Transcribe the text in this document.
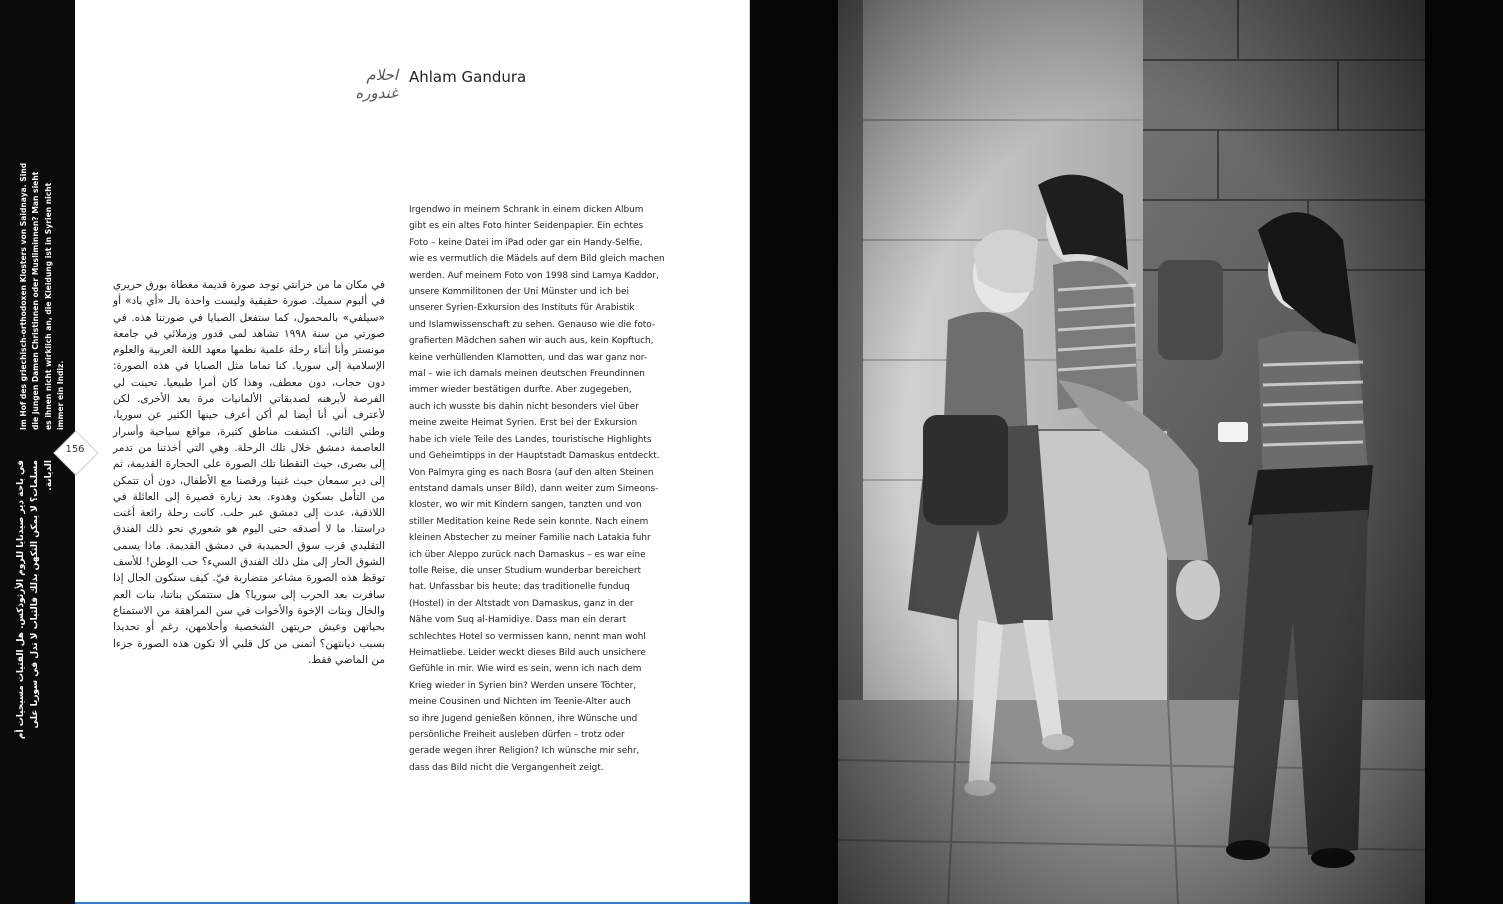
Im Hof des griechisch-orthodoxen Klosters von Saidnaya. Sind die jungen Damen Christinnen oder Musliminnen? Man sieht es ihnen nicht wirklich an, die Kleidung ist in Syrien nicht immer ein Indiz.
في باحة دير صيدنايا للروم الأرثوذكس. هل الفتيات مسيحيات أم مسلمات؟ لا يمكن التكهن بذلك فالثياب لا تدل في سوريا على الديانة.
156
احلام غندوره
Ahlam Gandura
في مكان ما من خزانتي توجد صورة قديمة مغطاة بورق حريري في ألبوم سميك. صورة حقيقية وليست واحدة بالـ «أي باد» أو «سيلفي» بالمحمول، كما ستفعل الصبايا في صورتنا هذه. في صورتي من سنة ١٩٩٨ تشاهد لمى قدور وزملائي في جامعة مونستر وأنا أثناء رحلة علمية نظمها معهد اللغة العربية والعلوم الإسلامية إلى سوريا. كنا تماما مثل الصبايا في هذه الصورة: دون حجاب، دون معطف، وهذا كان أمرا طبيعيا. تحينت لي الفرصة لأبرهنه لصديقاتي الألمانيات مرة بعد الأخرى. لكن لأعترف أني أنا أيضا لم أكن أعرف حينها الكثير عن سوريا، وطني الثاني. اكتشفت مناطق كثيرة، مواقع سياحية وأسرار العاصمة دمشق خلال تلك الرحلة. وهي التي أخذتنا من تدمر إلى بصرى، حيث التقطنا تلك الصورة على الحجارة القديمة، ثم إلى دير سمعان حيث غنينا ورقصنا مع الأطفال، دون أن تتمكن من التأمل بسكون وهدوء. بعد زيارة قصيرة إلى العائلة في اللاذقية، عدت إلى دمشق عبر حلب. كانت رحلة رائعة أغنت دراستنا. ما لا أصدقه حتى اليوم هو شعوري نحو ذلك الفندق التقليدي قرب سوق الحميدية في دمشق القديمة. ماذا يسمى الشوق الحار إلى مثل ذلك الفندق السيء؟ حب الوطن! للأسف توقظ هذه الصورة مشاعر متضاربة فيّ. كيف ستكون الحال إذا سافرت بعد الحرب إلى سوريا؟ هل ستتمكن بناتنا، بنات العم والخال وبنات الإخوة والأخوات في سن المراهقة من الاستمتاع بحياتهن وعيش حريتهن الشخصية وأحلامهن، رغم أو تحديدا بسبب ديانتهن؟ أتمنى من كل قلبي ألا تكون هذه الصورة جزءا من الماضي فقط.
Irgendwo in meinem Schrank in einem dicken Album
gibt es ein altes Foto hinter Seidenpapier. Ein echtes
Foto – keine Datei im iPad oder gar ein Handy-Selfie,
wie es vermutlich die Mädels auf dem Bild gleich machen
werden. Auf meinem Foto von 1998 sind Lamya Kaddor,
unsere Kommilitonen der Uni Münster und ich bei
unserer Syrien-Exkursion des Instituts für Arabistik
und Islamwissenschaft zu sehen. Genauso wie die foto-
grafierten Mädchen sahen wir auch aus, kein Kopftuch,
keine verhüllenden Klamotten, und das war ganz nor-
mal – wie ich damals meinen deutschen Freundinnen
immer wieder bestätigen durfte. Aber zugegeben,
auch ich wusste bis dahin nicht besonders viel über
meine zweite Heimat Syrien. Erst bei der Exkursion
habe ich viele Teile des Landes, touristische Highlights
und Geheimtipps in der Hauptstadt Damaskus entdeckt.
Von Palmyra ging es nach Bosra (auf den alten Steinen
entstand damals unser Bild), dann weiter zum Simeons-
kloster, wo wir mit Kindern sangen, tanzten und von
stiller Meditation keine Rede sein konnte. Nach einem
kleinen Abstecher zu meiner Familie nach Latakia fuhr
ich über Aleppo zurück nach Damaskus – es war eine
tolle Reise, die unser Studium wunderbar bereichert
hat. Unfassbar bis heute: das traditionelle funduq
(Hostel) in der Altstadt von Damaskus, ganz in der
Nähe vom Suq al-Hamidiye. Dass man ein derart
schlechtes Hotel so vermissen kann, nennt man wohl
Heimatliebe. Leider weckt dieses Bild auch unsichere
Gefühle in mir. Wie wird es sein, wenn ich nach dem
Krieg wieder in Syrien bin? Werden unsere Töchter,
meine Cousinen und Nichten im Teenie-Alter auch
so ihre Jugend genießen können, ihre Wünsche und
persönliche Freiheit ausleben dürfen – trotz oder
gerade wegen ihrer Religion? Ich wünsche mir sehr,
dass das Bild nicht die Vergangenheit zeigt.
